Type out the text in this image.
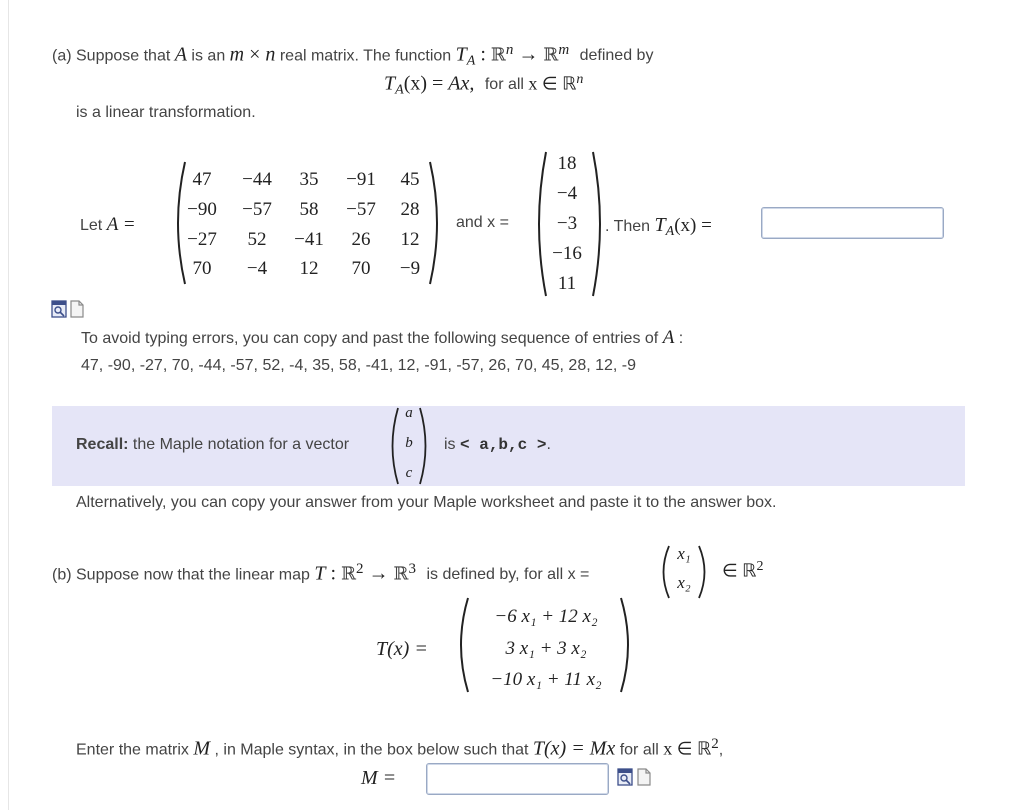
(a) Suppose that A is an m × n real matrix. The function $T_A$ : ℝ$^n$ → ℝ$^m$ defined by
$T_A(x) = Ax$, for all x ∈ ℝ$^n$
is a linear transformation.
Let A =
47	−44	35	−91	45
−90	−57	58	−57	28
−27	52	−41	26	12
70	−4	12	70	−9
and x =
18
−4
−3
−16
11
. Then $T_A(x)$ =
To avoid typing errors, you can copy and past the following sequence of entries of A :
47, -90, -27, 70, -44, -57, 52, -4, 35, 58, -41, 12, -91, -57, 26, 70, 45, 28, 12, -9
Recall: the Maple notation for a vector
a
b
c
is < a,b,c >.
Alternatively, you can copy your answer from your Maple worksheet and paste it to the answer box.
(b) Suppose now that the linear map T : ℝ$^2$ → ℝ$^3$ is defined by, for all x =
x₁
x₂
∈ ℝ$^2$
T(x) =
−6 x₁ + 12 x₂
3 x₁ + 3 x₂
−10 x₁ + 11 x₂
Enter the matrix M , in Maple syntax, in the box below such that T(x) = Mx for all x ∈ ℝ$^2$,
M =
